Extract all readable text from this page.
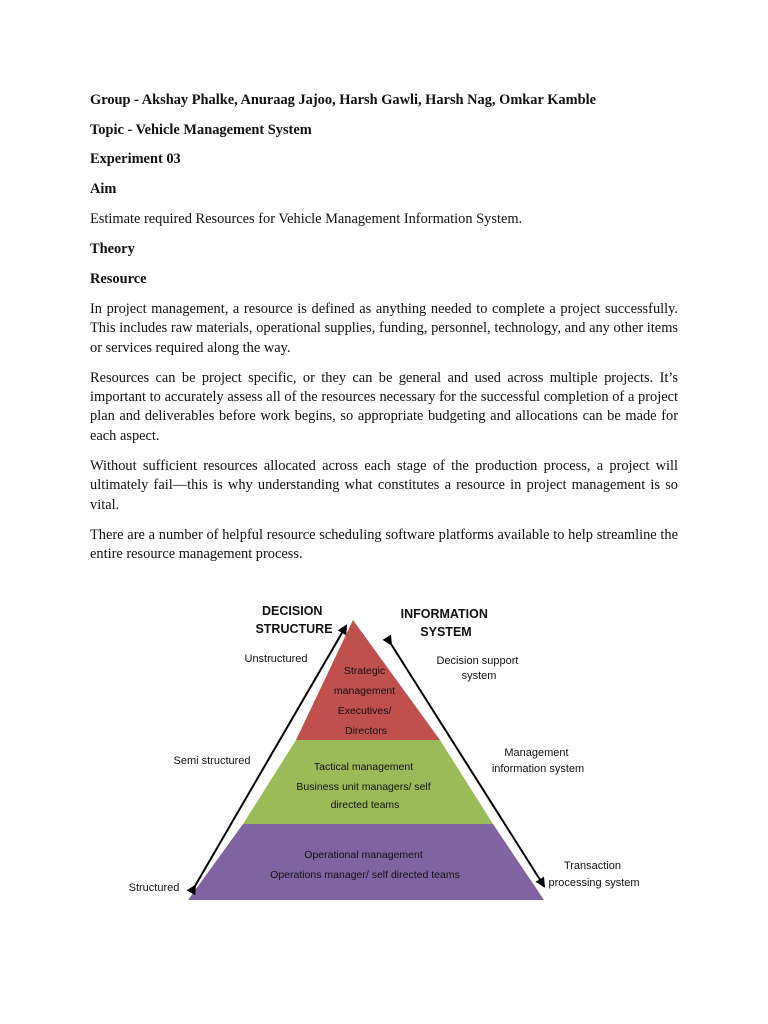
Group - Akshay Phalke, Anuraag Jajoo, Harsh Gawli, Harsh Nag, Omkar Kamble

Topic - Vehicle Management System

Experiment 03

Aim

Estimate required Resources for Vehicle Management Information System.

Theory

Resource

In project management, a resource is defined as anything needed to complete a project successfully. This includes raw materials, operational supplies, funding, personnel, technology, and any other items or services required along the way.

Resources can be project specific, or they can be general and used across multiple projects. It’s important to accurately assess all of the resources necessary for the successful completion of a project plan and deliverables before work begins, so appropriate budgeting and allocations can be made for each aspect.

Without sufficient resources allocated across each stage of the production process, a project will ultimately fail—this is why understanding what constitutes a resource in project management is so vital.

There are a number of helpful resource scheduling software platforms available to help streamline the entire resource management process.

DECISION STRUCTURE
INFORMATION SYSTEM
Unstructured
Semi structured
Structured
Decision support system
Management information system
Transaction processing system
Strategic management Executives/ Directors
Tactical management Business unit managers/ self directed teams
Operational management Operations manager/ self directed teams
